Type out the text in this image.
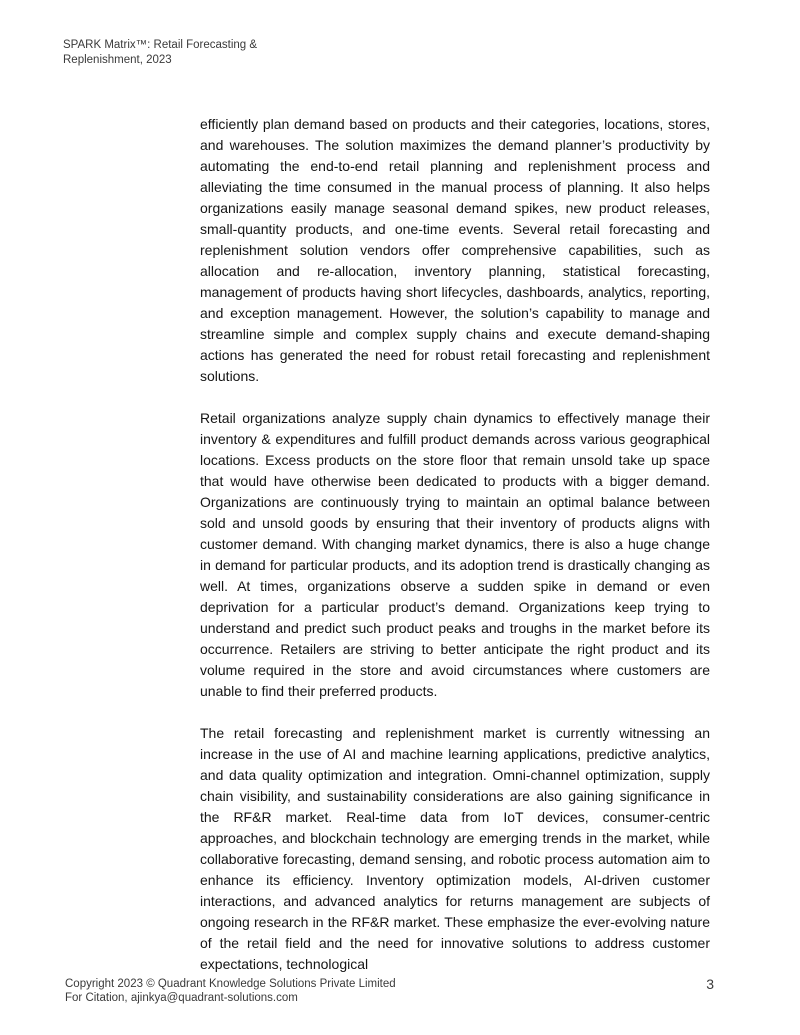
SPARK Matrix™: Retail Forecasting & Replenishment, 2023

efficiently plan demand based on products and their categories, locations, stores, and warehouses. The solution maximizes the demand planner’s productivity by automating the end-to-end retail planning and replenishment process and alleviating the time consumed in the manual process of planning. It also helps organizations easily manage seasonal demand spikes, new product releases, small-quantity products, and one-time events. Several retail forecasting and replenishment solution vendors offer comprehensive capabilities, such as allocation and re-allocation, inventory planning, statistical forecasting, management of products having short lifecycles, dashboards, analytics, reporting, and exception management. However, the solution’s capability to manage and streamline simple and complex supply chains and execute demand-shaping actions has generated the need for robust retail forecasting and replenishment solutions.

Retail organizations analyze supply chain dynamics to effectively manage their inventory & expenditures and fulfill product demands across various geographical locations. Excess products on the store floor that remain unsold take up space that would have otherwise been dedicated to products with a bigger demand. Organizations are continuously trying to maintain an optimal balance between sold and unsold goods by ensuring that their inventory of products aligns with customer demand. With changing market dynamics, there is also a huge change in demand for particular products, and its adoption trend is drastically changing as well. At times, organizations observe a sudden spike in demand or even deprivation for a particular product’s demand. Organizations keep trying to understand and predict such product peaks and troughs in the market before its occurrence. Retailers are striving to better anticipate the right product and its volume required in the store and avoid circumstances where customers are unable to find their preferred products.

The retail forecasting and replenishment market is currently witnessing an increase in the use of AI and machine learning applications, predictive analytics, and data quality optimization and integration. Omni-channel optimization, supply chain visibility, and sustainability considerations are also gaining significance in the RF&R market. Real-time data from IoT devices, consumer-centric approaches, and blockchain technology are emerging trends in the market, while collaborative forecasting, demand sensing, and robotic process automation aim to enhance its efficiency. Inventory optimization models, AI-driven customer interactions, and advanced analytics for returns management are subjects of ongoing research in the RF&R market. These emphasize the ever-evolving nature of the retail field and the need for innovative solutions to address customer expectations, technological

Copyright 2023 © Quadrant Knowledge Solutions Private Limited
For Citation, ajinkya@quadrant-solutions.com
3
